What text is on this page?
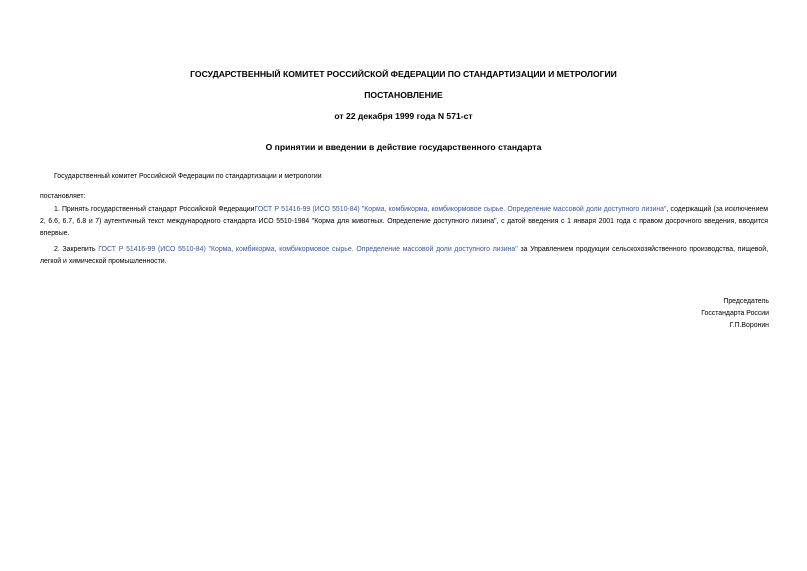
ГОСУДАРСТВЕННЫЙ КОМИТЕТ РОССИЙСКОЙ ФЕДЕРАЦИИ ПО СТАНДАРТИЗАЦИИ И МЕТРОЛОГИИ
ПОСТАНОВЛЕНИЕ
от 22 декабря 1999 года N 571-ст
О принятии и введении в действие государственного стандарта
Государственный комитет Российской Федерации по стандартизации и метрологии
постановляет:
1. Принять государственный стандарт Российской ФедерацииГОСТ Р 51416-99 (ИСО 5510-84) "Корма, комбикорма, комбикормовое сырье. Определение массовой доли доступного лизина", содержащий (за исключением 2, 6.6, 6.7, 6.8 и 7) аутентичный текст международного стандарта ИСО 5510-1984 "Корма для животных. Определение доступного лизина", с датой введения с 1 января 2001 года с правом досрочного введения, вводится впервые.
2. Закрепить ГОСТ Р 51416-99 (ИСО 5510-84) "Корма, комбикорма, комбикормовое сырье. Определение массовой доли доступного лизина" за Управлением продукции сельскохозяйственного производства, пищевой, легкой и химической промышленности.
Председатель
Госстандарта России
Г.П.Воронин
